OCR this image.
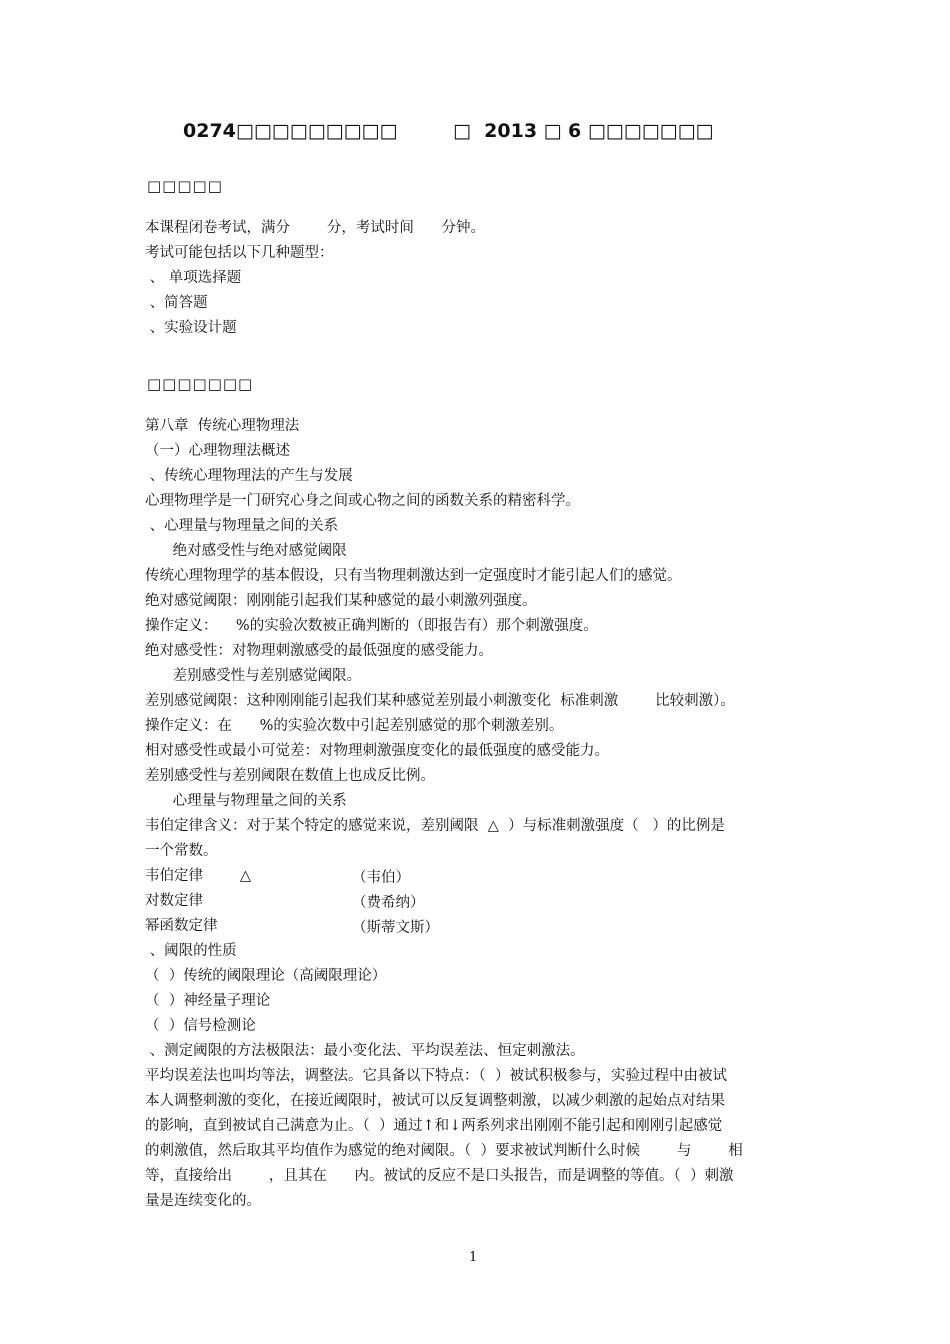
0274□□□□□□□□□	□  2013 □ 6 □□□□□□□
□□□□□
本课程闭卷考试，满分        分，考试时间      分钟。
考试可能包括以下几种题型：
、 单项选择题
、简答题
、实验设计题
□□□□□□□
第八章  传统心理物理法
（一）心理物理法概述
、传统心理物理法的产生与发展
心理物理学是一门研究心身之间或心物之间的函数关系的精密科学。
、心理量与物理量之间的关系
绝对感受性与绝对感觉阈限
传统心理物理学的基本假设，只有当物理刺激达到一定强度时才能引起人们的感觉。
绝对感觉阈限：刚刚能引起我们某种感觉的最小刺激列强度。
操作定义：    %的实验次数被正确判断的（即报告有）那个刺激强度。
绝对感受性：对物理刺激感受的最低强度的感受能力。
差别感受性与差别感觉阈限。
差别感觉阈限：这种刚刚能引起我们某种感觉差别最小刺激变化  标准刺激        比较刺激）。
操作定义：在      %的实验次数中引起差别感觉的那个刺激差别。
相对感受性或最小可觉差：对物理刺激强度变化的最低强度的感受能力。
差别感受性与差别阈限在数值上也成反比例。
心理量与物理量之间的关系
韦伯定律含义：对于某个特定的感觉来说，差别阈限  △  ）与标准刺激强度（   ）的比例是
一个常数。
韦伯定律        △	（韦伯）
对数定律	（费希纳）
幂函数定律	（斯蒂文斯）
、阈限的性质
（  ）传统的阈限理论（高阈限理论）
（  ）神经量子理论
（  ）信号检测论
、测定阈限的方法极限法：最小变化法、平均误差法、恒定刺激法。
平均误差法也叫均等法，调整法。它具备以下特点：（  ）被试积极参与，实验过程中由被试
本人调整刺激的变化，在接近阈限时，被试可以反复调整刺激，以减少刺激的起始点对结果
的影响，直到被试自己满意为止。（  ）通过↑和↓两系列求出刚刚不能引起和刚刚引起感觉
的刺激值，然后取其平均值作为感觉的绝对阈限。（  ）要求被试判断什么时候        与        相
等，直接给出        ，且其在      内。被试的反应不是口头报告，而是调整的等值。（  ）刺激
量是连续变化的。
1
